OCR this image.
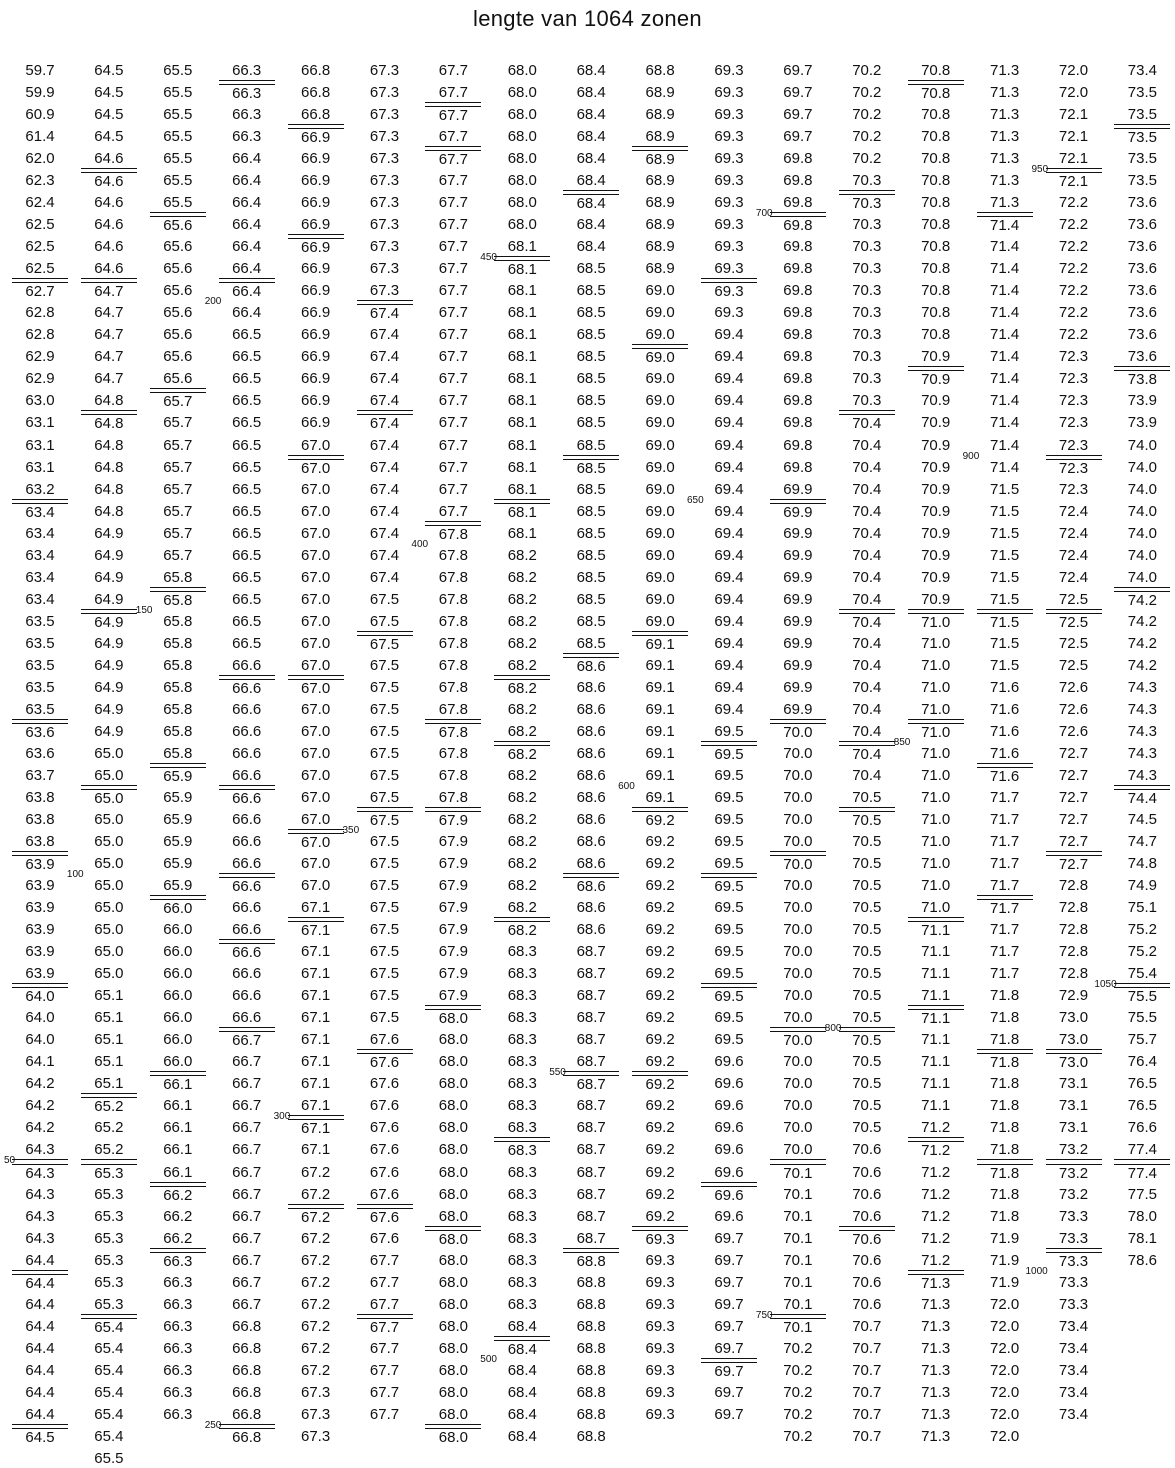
lengte van 1064 zonen
59.7
59.9
60.9
61.4
62.0
62.3
62.4
62.5
62.5
62.5
62.7
62.8
62.8
62.9
62.9
63.0
63.1
63.1
63.1
63.2
63.4
63.4
63.4
63.4
63.4
63.5
63.5
63.5
63.5
63.5
63.6
63.6
63.7
63.8
63.8
63.8
63.9
63.9
63.9
63.9
63.9
63.9
64.0
64.0
64.0
64.1
64.2
64.2
64.2
64.3
64.3
64.3
64.3
64.3
64.4
64.4
64.4
64.4
64.4
64.4
64.4
64.4
64.5
64.5
64.5
64.5
64.5
64.6
64.6
64.6
64.6
64.6
64.6
64.7
64.7
64.7
64.7
64.7
64.8
64.8
64.8
64.8
64.8
64.8
64.9
64.9
64.9
64.9
64.9
64.9
64.9
64.9
64.9
64.9
65.0
65.0
65.0
65.0
65.0
65.0
65.0
65.0
65.0
65.0
65.0
65.1
65.1
65.1
65.1
65.1
65.2
65.2
65.2
65.3
65.3
65.3
65.3
65.3
65.3
65.3
65.4
65.4
65.4
65.4
65.4
65.4
65.5
65.5
65.5
65.5
65.5
65.5
65.5
65.5
65.6
65.6
65.6
65.6
65.6
65.6
65.6
65.6
65.7
65.7
65.7
65.7
65.7
65.7
65.7
65.7
65.8
65.8
65.8
65.8
65.8
65.8
65.8
65.8
65.8
65.9
65.9
65.9
65.9
65.9
65.9
66.0
66.0
66.0
66.0
66.0
66.0
66.0
66.0
66.1
66.1
66.1
66.1
66.1
66.2
66.2
66.2
66.3
66.3
66.3
66.3
66.3
66.3
66.3
66.3
66.3
66.3
66.3
66.3
66.4
66.4
66.4
66.4
66.4
66.4
66.4
66.4
66.5
66.5
66.5
66.5
66.5
66.5
66.5
66.5
66.5
66.5
66.5
66.5
66.5
66.5
66.5
66.6
66.6
66.6
66.6
66.6
66.6
66.6
66.6
66.6
66.6
66.6
66.6
66.6
66.6
66.6
66.6
66.6
66.7
66.7
66.7
66.7
66.7
66.7
66.7
66.7
66.7
66.7
66.7
66.7
66.7
66.8
66.8
66.8
66.8
66.8
66.8
66.8
66.8
66.8
66.9
66.9
66.9
66.9
66.9
66.9
66.9
66.9
66.9
66.9
66.9
66.9
66.9
66.9
67.0
67.0
67.0
67.0
67.0
67.0
67.0
67.0
67.0
67.0
67.0
67.0
67.0
67.0
67.0
67.0
67.0
67.0
67.0
67.0
67.0
67.1
67.1
67.1
67.1
67.1
67.1
67.1
67.1
67.1
67.1
67.1
67.1
67.2
67.2
67.2
67.2
67.2
67.2
67.2
67.2
67.2
67.2
67.3
67.3
67.3
67.3
67.3
67.3
67.3
67.3
67.3
67.3
67.3
67.3
67.3
67.3
67.4
67.4
67.4
67.4
67.4
67.4
67.4
67.4
67.4
67.4
67.4
67.4
67.4
67.5
67.5
67.5
67.5
67.5
67.5
67.5
67.5
67.5
67.5
67.5
67.5
67.5
67.5
67.5
67.5
67.5
67.5
67.5
67.5
67.6
67.6
67.6
67.6
67.6
67.6
67.6
67.6
67.6
67.6
67.7
67.7
67.7
67.7
67.7
67.7
67.7
67.7
67.7
67.7
67.7
67.7
67.7
67.7
67.7
67.7
67.7
67.7
67.7
67.7
67.7
67.7
67.7
67.7
67.7
67.7
67.7
67.7
67.7
67.8
67.8
67.8
67.8
67.8
67.8
67.8
67.8
67.8
67.8
67.8
67.8
67.8
67.9
67.9
67.9
67.9
67.9
67.9
67.9
67.9
67.9
68.0
68.0
68.0
68.0
68.0
68.0
68.0
68.0
68.0
68.0
68.0
68.0
68.0
68.0
68.0
68.0
68.0
68.0
68.0
68.0
68.0
68.0
68.0
68.0
68.0
68.0
68.0
68.0
68.1
68.1
68.1
68.1
68.1
68.1
68.1
68.1
68.1
68.1
68.1
68.1
68.1
68.1
68.2
68.2
68.2
68.2
68.2
68.2
68.2
68.2
68.2
68.2
68.2
68.2
68.2
68.2
68.2
68.2
68.2
68.2
68.3
68.3
68.3
68.3
68.3
68.3
68.3
68.3
68.3
68.3
68.3
68.3
68.3
68.3
68.3
68.3
68.3
68.4
68.4
68.4
68.4
68.4
68.4
68.4
68.4
68.4
68.4
68.4
68.4
68.4
68.4
68.4
68.5
68.5
68.5
68.5
68.5
68.5
68.5
68.5
68.5
68.5
68.5
68.5
68.5
68.5
68.5
68.5
68.5
68.5
68.6
68.6
68.6
68.6
68.6
68.6
68.6
68.6
68.6
68.6
68.6
68.6
68.6
68.7
68.7
68.7
68.7
68.7
68.7
68.7
68.7
68.7
68.7
68.7
68.7
68.7
68.7
68.8
68.8
68.8
68.8
68.8
68.8
68.8
68.8
68.8
68.8
68.9
68.9
68.9
68.9
68.9
68.9
68.9
68.9
68.9
69.0
69.0
69.0
69.0
69.0
69.0
69.0
69.0
69.0
69.0
69.0
69.0
69.0
69.0
69.0
69.0
69.1
69.1
69.1
69.1
69.1
69.1
69.1
69.1
69.2
69.2
69.2
69.2
69.2
69.2
69.2
69.2
69.2
69.2
69.2
69.2
69.2
69.2
69.2
69.2
69.2
69.2
69.2
69.3
69.3
69.3
69.3
69.3
69.3
69.3
69.3
69.3
69.3
69.3
69.3
69.3
69.3
69.3
69.3
69.3
69.3
69.3
69.3
69.3
69.4
69.4
69.4
69.4
69.4
69.4
69.4
69.4
69.4
69.4
69.4
69.4
69.4
69.4
69.4
69.4
69.4
69.4
69.5
69.5
69.5
69.5
69.5
69.5
69.5
69.5
69.5
69.5
69.5
69.5
69.5
69.5
69.5
69.6
69.6
69.6
69.6
69.6
69.6
69.6
69.6
69.7
69.7
69.7
69.7
69.7
69.7
69.7
69.7
69.7
69.7
69.7
69.7
69.7
69.8
69.8
69.8
69.8
69.8
69.8
69.8
69.8
69.8
69.8
69.8
69.8
69.8
69.8
69.8
69.9
69.9
69.9
69.9
69.9
69.9
69.9
69.9
69.9
69.9
69.9
70.0
70.0
70.0
70.0
70.0
70.0
70.0
70.0
70.0
70.0
70.0
70.0
70.0
70.0
70.0
70.0
70.0
70.0
70.0
70.0
70.1
70.1
70.1
70.1
70.1
70.1
70.1
70.1
70.2
70.2
70.2
70.2
70.2
70.2
70.2
70.2
70.2
70.2
70.3
70.3
70.3
70.3
70.3
70.3
70.3
70.3
70.3
70.3
70.3
70.4
70.4
70.4
70.4
70.4
70.4
70.4
70.4
70.4
70.4
70.4
70.4
70.4
70.4
70.4
70.4
70.4
70.5
70.5
70.5
70.5
70.5
70.5
70.5
70.5
70.5
70.5
70.5
70.5
70.5
70.5
70.5
70.5
70.6
70.6
70.6
70.6
70.6
70.6
70.6
70.6
70.7
70.7
70.7
70.7
70.7
70.7
70.8
70.8
70.8
70.8
70.8
70.8
70.8
70.8
70.8
70.8
70.8
70.8
70.8
70.9
70.9
70.9
70.9
70.9
70.9
70.9
70.9
70.9
70.9
70.9
70.9
71.0
71.0
71.0
71.0
71.0
71.0
71.0
71.0
71.0
71.0
71.0
71.0
71.0
71.0
71.1
71.1
71.1
71.1
71.1
71.1
71.1
71.1
71.1
71.2
71.2
71.2
71.2
71.2
71.2
71.2
71.3
71.3
71.3
71.3
71.3
71.3
71.3
71.3
71.3
71.3
71.3
71.3
71.3
71.3
71.3
71.4
71.4
71.4
71.4
71.4
71.4
71.4
71.4
71.4
71.4
71.4
71.4
71.5
71.5
71.5
71.5
71.5
71.5
71.5
71.5
71.5
71.6
71.6
71.6
71.6
71.6
71.7
71.7
71.7
71.7
71.7
71.7
71.7
71.7
71.7
71.8
71.8
71.8
71.8
71.8
71.8
71.8
71.8
71.8
71.8
71.8
71.9
71.9
71.9
72.0
72.0
72.0
72.0
72.0
72.0
72.0
72.0
72.0
72.1
72.1
72.1
72.1
72.2
72.2
72.2
72.2
72.2
72.2
72.2
72.3
72.3
72.3
72.3
72.3
72.3
72.3
72.4
72.4
72.4
72.4
72.5
72.5
72.5
72.5
72.6
72.6
72.6
72.7
72.7
72.7
72.7
72.7
72.7
72.8
72.8
72.8
72.8
72.8
72.9
73.0
73.0
73.0
73.1
73.1
73.1
73.2
73.2
73.2
73.3
73.3
73.3
73.3
73.3
73.4
73.4
73.4
73.4
73.4
73.4
73.5
73.5
73.5
73.5
73.5
73.6
73.6
73.6
73.6
73.6
73.6
73.6
73.6
73.8
73.9
73.9
74.0
74.0
74.0
74.0
74.0
74.0
74.0
74.2
74.2
74.2
74.2
74.3
74.3
74.3
74.3
74.3
74.4
74.5
74.7
74.8
74.9
75.1
75.2
75.2
75.4
75.5
75.5
75.7
76.4
76.5
76.5
76.6
77.4
77.4
77.5
78.0
78.1
78.6
50
100
150
200
250
300
350
400
450
500
550
600
650
700
750
800
850
900
950
1000
1050
